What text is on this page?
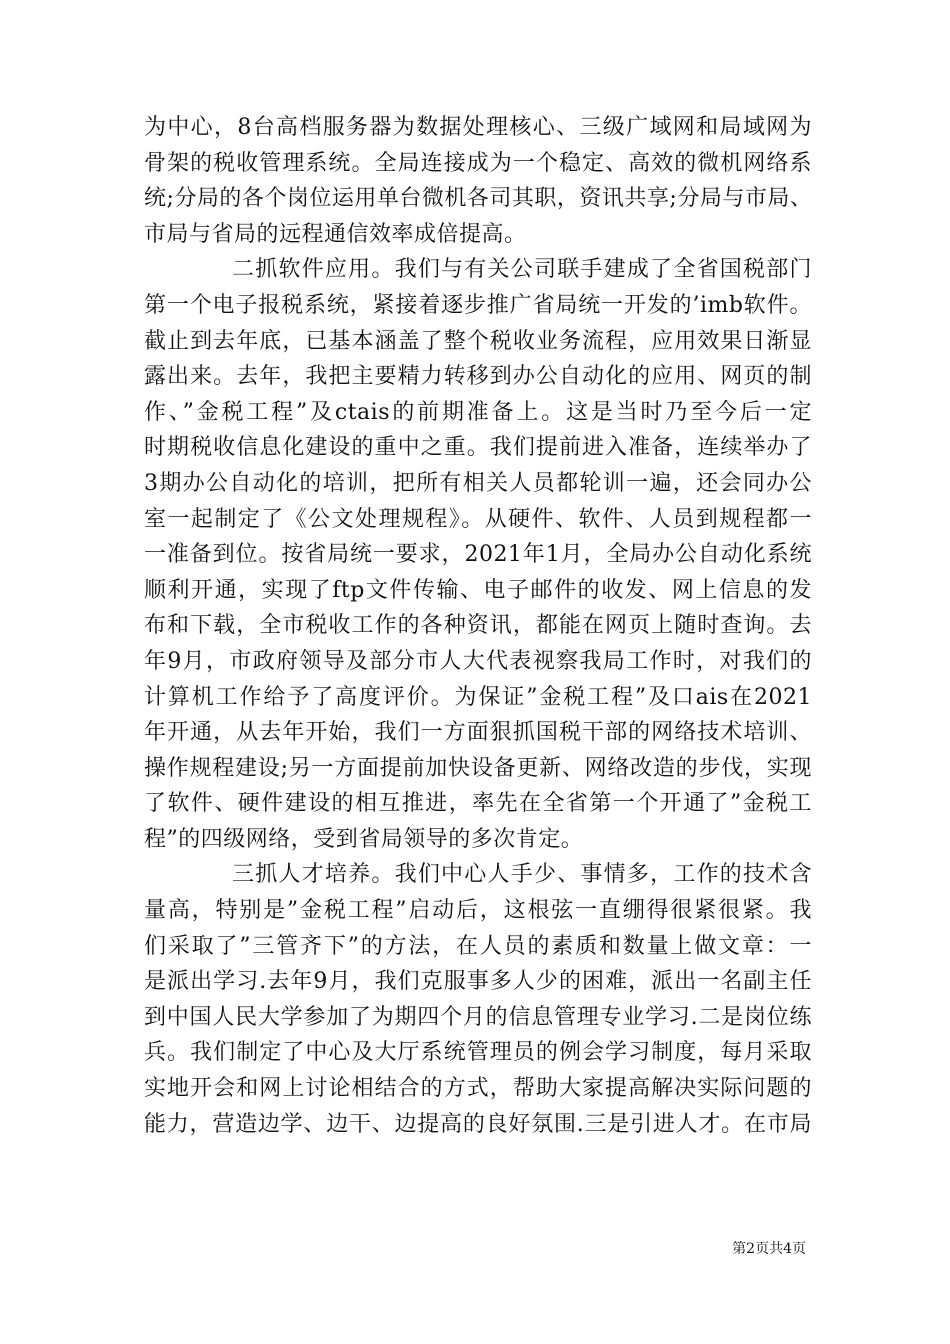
为中心，8台高档服务器为数据处理核心、三级广域网和局域网为
骨架的税收管理系统。全局连接成为一个稳定、高效的微机网络系
统;分局的各个岗位运用单台微机各司其职，资讯共享;分局与市局、
市局与省局的远程通信效率成倍提高。
二抓软件应用。我们与有关公司联手建成了全省国税部门
第一个电子报税系统，紧接着逐步推广省局统一开发的’imb软件。
截止到去年底，已基本涵盖了整个税收业务流程，应用效果日渐显
露出来。去年，我把主要精力转移到办公自动化的应用、网页的制
作、”金税工程”及ctais的前期准备上。这是当时乃至今后一定
时期税收信息化建设的重中之重。我们提前进入准备，连续举办了
3期办公自动化的培训，把所有相关人员都轮训一遍，还会同办公
室一起制定了《公文处理规程》。从硬件、软件、人员到规程都一
一准备到位。按省局统一要求，2021年1月，全局办公自动化系统
顺利开通，实现了ftp文件传输、电子邮件的收发、网上信息的发
布和下载，全市税收工作的各种资讯，都能在网页上随时查询。去
年9月，市政府领导及部分市人大代表视察我局工作时，对我们的
计算机工作给予了高度评价。为保证”金税工程”及口ais在2021
年开通，从去年开始，我们一方面狠抓国税干部的网络技术培训、
操作规程建设;另一方面提前加快设备更新、网络改造的步伐，实现
了软件、硬件建设的相互推进，率先在全省第一个开通了”金税工
程”的四级网络，受到省局领导的多次肯定。
三抓人才培养。我们中心人手少、事情多，工作的技术含
量高，特别是”金税工程”启动后，这根弦一直绷得很紧很紧。我
们采取了”三管齐下”的方法，在人员的素质和数量上做文章：一
是派出学习.去年9月，我们克服事多人少的困难，派出一名副主任
到中国人民大学参加了为期四个月的信息管理专业学习.二是岗位练
兵。我们制定了中心及大厅系统管理员的例会学习制度，每月采取
实地开会和网上讨论相结合的方式，帮助大家提高解决实际问题的
能力，营造边学、边干、边提高的良好氛围.三是引进人才。在市局
第2页共4页
